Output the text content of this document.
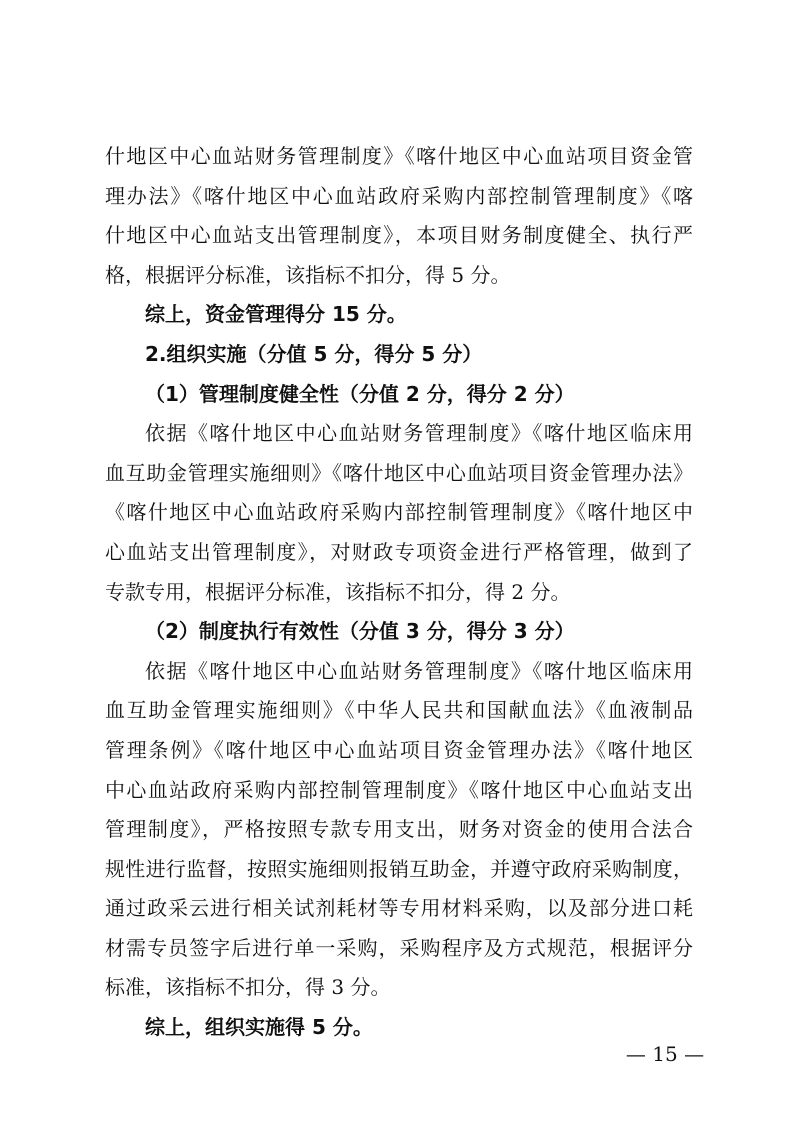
什地区中心血站财务管理制度》《喀什地区中心血站项目资金管
理办法》《喀什地区中心血站政府采购内部控制管理制度》《喀
什地区中心血站支出管理制度》，本项目财务制度健全、执行严
格，根据评分标准，该指标不扣分，得 5 分。
综上，资金管理得分 15 分。
2.组织实施（分值 5 分，得分 5 分）
（1）管理制度健全性（分值 2 分，得分 2 分）
依据《喀什地区中心血站财务管理制度》《喀什地区临床用
血互助金管理实施细则》《喀什地区中心血站项目资金管理办法》
《喀什地区中心血站政府采购内部控制管理制度》《喀什地区中
心血站支出管理制度》，对财政专项资金进行严格管理，做到了
专款专用，根据评分标准，该指标不扣分，得 2 分。
（2）制度执行有效性（分值 3 分，得分 3 分）
依据《喀什地区中心血站财务管理制度》《喀什地区临床用
血互助金管理实施细则》《中华人民共和国献血法》《血液制品
管理条例》《喀什地区中心血站项目资金管理办法》《喀什地区
中心血站政府采购内部控制管理制度》《喀什地区中心血站支出
管理制度》，严格按照专款专用支出，财务对资金的使用合法合
规性进行监督，按照实施细则报销互助金，并遵守政府采购制度，
通过政采云进行相关试剂耗材等专用材料采购，以及部分进口耗
材需专员签字后进行单一采购，采购程序及方式规范，根据评分
标准，该指标不扣分，得 3 分。
综上，组织实施得 5 分。
— 15 —
